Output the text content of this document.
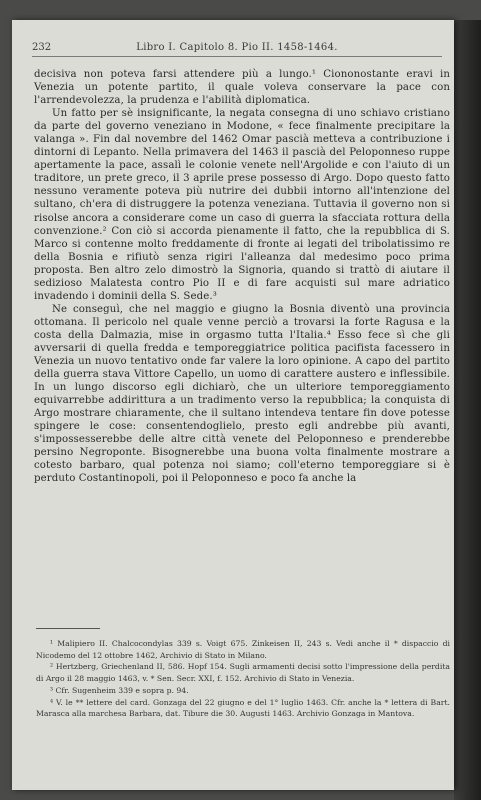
232	Libro I. Capitolo 8. Pio II. 1458-1464.

decisiva non poteva farsi attendere più a lungo.¹ Ciononostante eravi in Venezia un potente partito, il quale voleva conservare la pace con l'arrendevolezza, la prudenza e l'abilità diplomatica.

Un fatto per sè insignificante, la negata consegna di uno schiavo cristiano da parte del governo veneziano in Modone, « fece finalmente precipitare la valanga ». Fin dal novembre del 1462 Omar pascià metteva a contribuzione i dintorni di Lepanto. Nella primavera del 1463 il pascià del Peloponneso ruppe apertamente la pace, assalì le colonie venete nell'Argolide e con l'aiuto di un traditore, un prete greco, il 3 aprile prese possesso di Argo. Dopo questo fatto nessuno veramente poteva più nutrire dei dubbii intorno all'intenzione del sultano, ch'era di distruggere la potenza veneziana. Tuttavia il governo non si risolse ancora a considerare come un caso di guerra la sfacciata rottura della convenzione.² Con ciò si accorda pienamente il fatto, che la repubblica di S. Marco si contenne molto freddamente di fronte ai legati del tribolatissimo re della Bosnia e rifiutò senza rigiri l'alleanza dal medesimo poco prima proposta. Ben altro zelo dimostrò la Signoria, quando si trattò di aiutare il sedizioso Malatesta contro Pio II e di fare acquisti sul mare adriatico invadendo i dominii della S. Sede.³

Ne conseguì, che nel maggio e giugno la Bosnia diventò una provincia ottomana. Il pericolo nel quale venne perciò a trovarsi la forte Ragusa e la costa della Dalmazia, mise in orgasmo tutta l'Italia.⁴ Esso fece sì che gli avversarii di quella fredda e temporeggiatrice politica pacifista facessero in Venezia un nuovo tentativo onde far valere la loro opinione. A capo del partito della guerra stava Vittore Capello, un uomo di carattere austero e inflessibile. In un lungo discorso egli dichiarò, che un ulteriore temporeggiamento equivarrebbe addirittura a un tradimento verso la repubblica; la conquista di Argo mostrare chiaramente, che il sultano intendeva tentare fin dove potesse spingere le cose: consentendoglielo, presto egli andrebbe più avanti, s'impossesserebbe delle altre città venete del Peloponneso e prenderebbe persino Negroponte. Bisognerebbe una buona volta finalmente mostrare a cotesto barbaro, qual potenza noi siamo; coll'eterno temporeggiare si è perduto Costantinopoli, poi il Peloponneso e poco fa anche la

¹ Malipiero II. Chalcocondylas 339 s. Voigt 675. Zinkeisen II, 243 s. Vedi anche il * dispaccio di Nicodemo del 12 ottobre 1462, Archivio di Stato in Milano.

² Hertzberg, Griechenland II, 586. Hopf 154. Sugli armamenti decisi sotto l'impressione della perdita di Argo il 28 maggio 1463, v. * Sen. Secr. XXI, f. 152. Archivio di Stato in Venezia.

³ Cfr. Sugenheim 339 e sopra p. 94.

⁴ V. le ** lettere del card. Gonzaga del 22 giugno e del 1° luglio 1463. Cfr. anche la * lettera di Bart. Marasca alla marchesa Barbara, dat. Tibure die 30. Augusti 1463. Archivio Gonzaga in Mantova.
